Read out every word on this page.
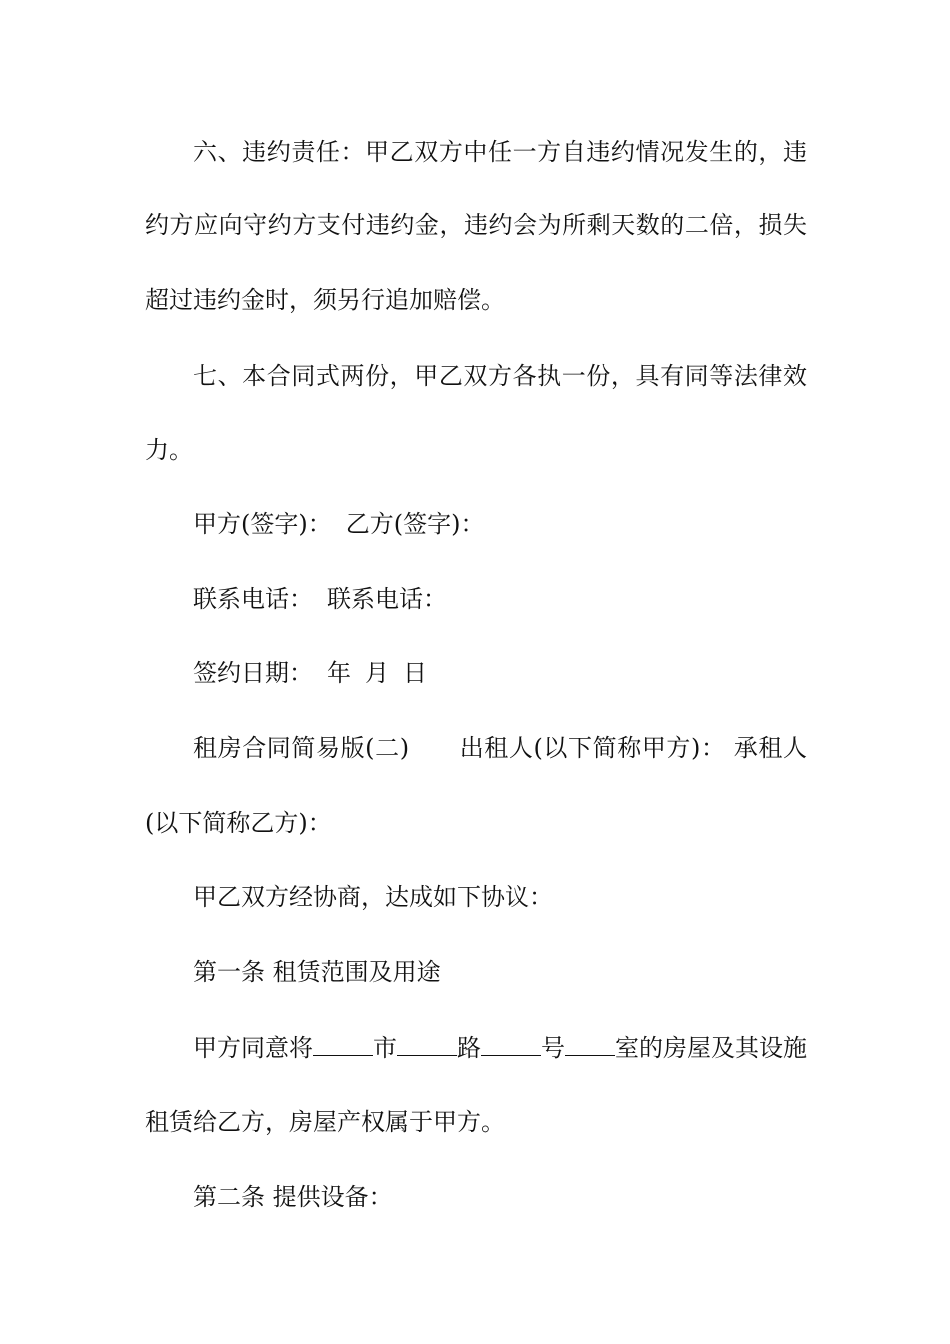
六、违约责任：甲乙双方中任一方自违约情况发生的，违
约方应向守约方支付违约金，违约会为所剩天数的二倍，损失
超过违约金时，须另行追加赔偿。
七、本合同式两份，甲乙双方各执一份，具有同等法律效
力。
甲方(签字)： 乙方(签字)：
联系电话： 联系电话：
签约日期： 年 月 日
租房合同简易版(二) 出租人(以下简称甲方)： 承租人
(以下简称乙方)：
甲乙双方经协商，达成如下协议：
第一条 租赁范围及用途
甲方同意将	市	路	号 室的房屋及其设施
租赁给乙方，房屋产权属于甲方。
第二条 提供设备：
